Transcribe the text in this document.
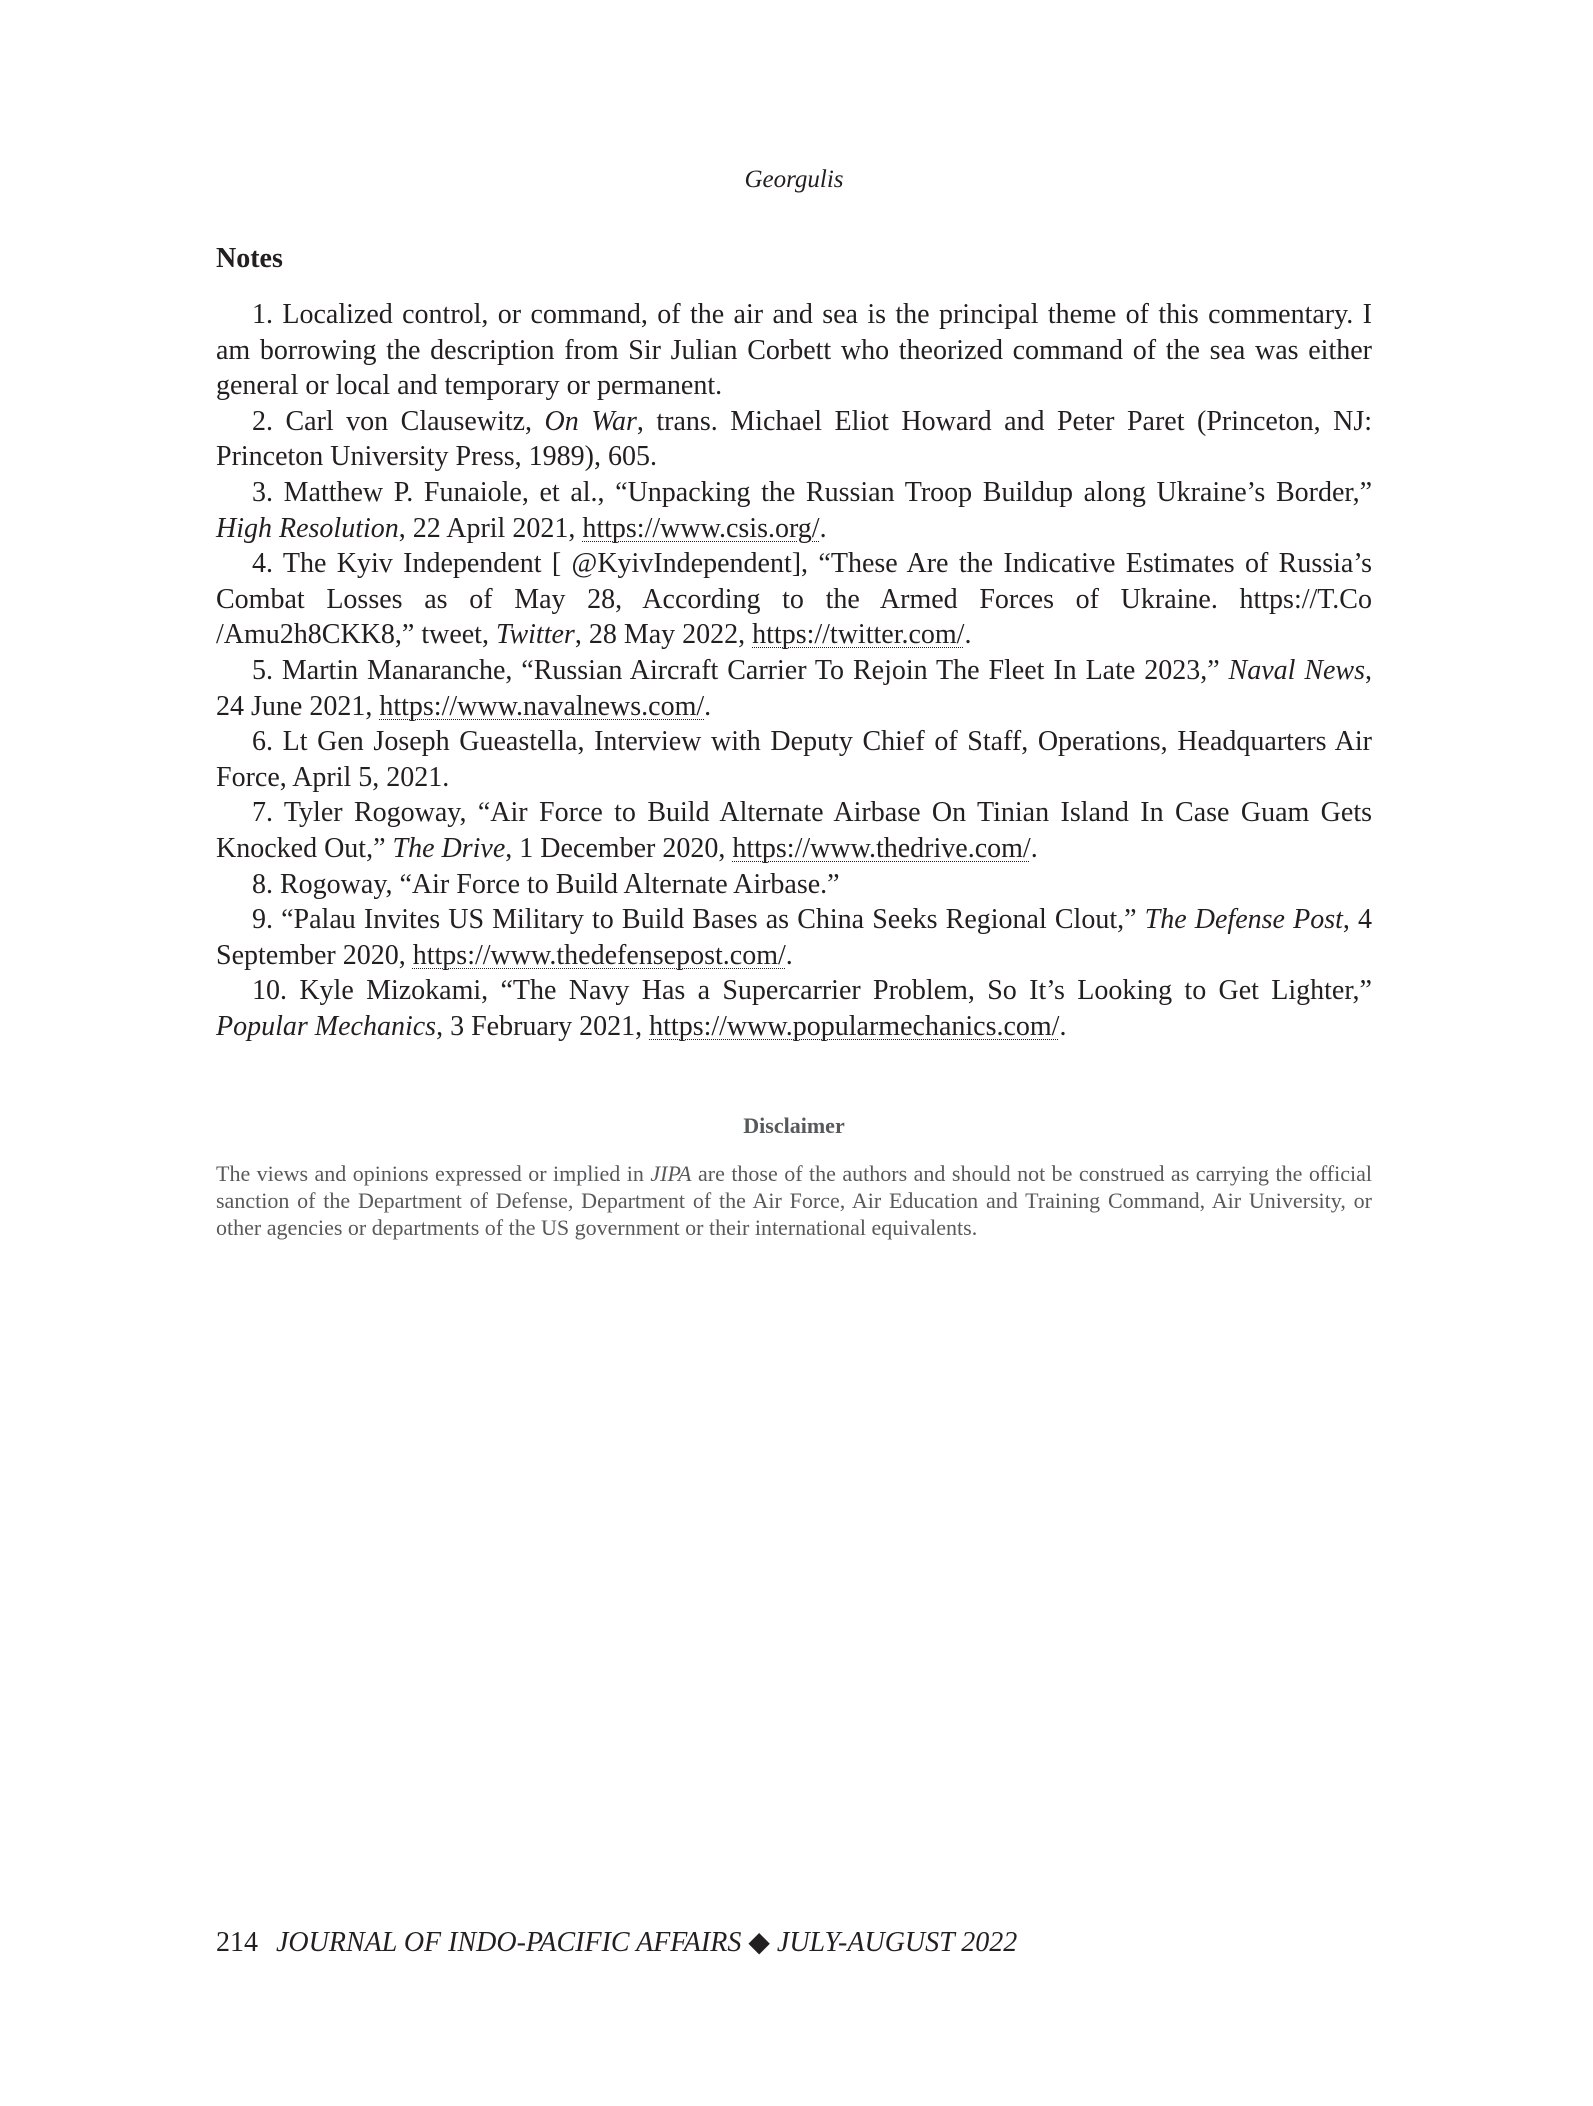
Georgulis
Notes

1. Localized control, or command, of the air and sea is the principal theme of this commentary. I am borrowing the description from Sir Julian Corbett who theorized command of the sea was either general or local and temporary or permanent.

2. Carl von Clausewitz, On War, trans. Michael Eliot Howard and Peter Paret (Princeton, NJ: Princeton University Press, 1989), 605.

3. Matthew P. Funaiole, et al., “Unpacking the Russian Troop Buildup along Ukraine’s Border,” High Resolution, 22 April 2021, https://www.csis.org/.

4. The Kyiv Independent [ @KyivIndependent], “These Are the Indicative Estimates of Russia’s Combat Losses as of May 28, According to the Armed Forces of Ukraine. https://T.Co /Amu2h8CKK8,” tweet, Twitter, 28 May 2022, https://twitter.com/.

5. Martin Manaranche, “Russian Aircraft Carrier To Rejoin The Fleet In Late 2023,” Naval News, 24 June 2021, https://www.navalnews.com/.

6. Lt Gen Joseph Gueastella, Interview with Deputy Chief of Staff, Operations, Headquarters Air Force, April 5, 2021.

7. Tyler Rogoway, “Air Force to Build Alternate Airbase On Tinian Island In Case Guam Gets Knocked Out,” The Drive, 1 December 2020, https://www.thedrive.com/.

8. Rogoway, “Air Force to Build Alternate Airbase.”

9. “Palau Invites US Military to Build Bases as China Seeks Regional Clout,” The Defense Post, 4 September 2020, https://www.thedefensepost.com/.

10. Kyle Mizokami, “The Navy Has a Supercarrier Problem, So It’s Looking to Get Lighter,” Popular Mechanics, 3 February 2021, https://www.popularmechanics.com/.

Disclaimer
The views and opinions expressed or implied in JIPA are those of the authors and should not be construed as carrying the official sanction of the Department of Defense, Department of the Air Force, Air Education and Training Command, Air University, or other agencies or departments of the US government or their international equivalents.
214 JOURNAL OF INDO-PACIFIC AFFAIRS ◆ JULY-AUGUST 2022
